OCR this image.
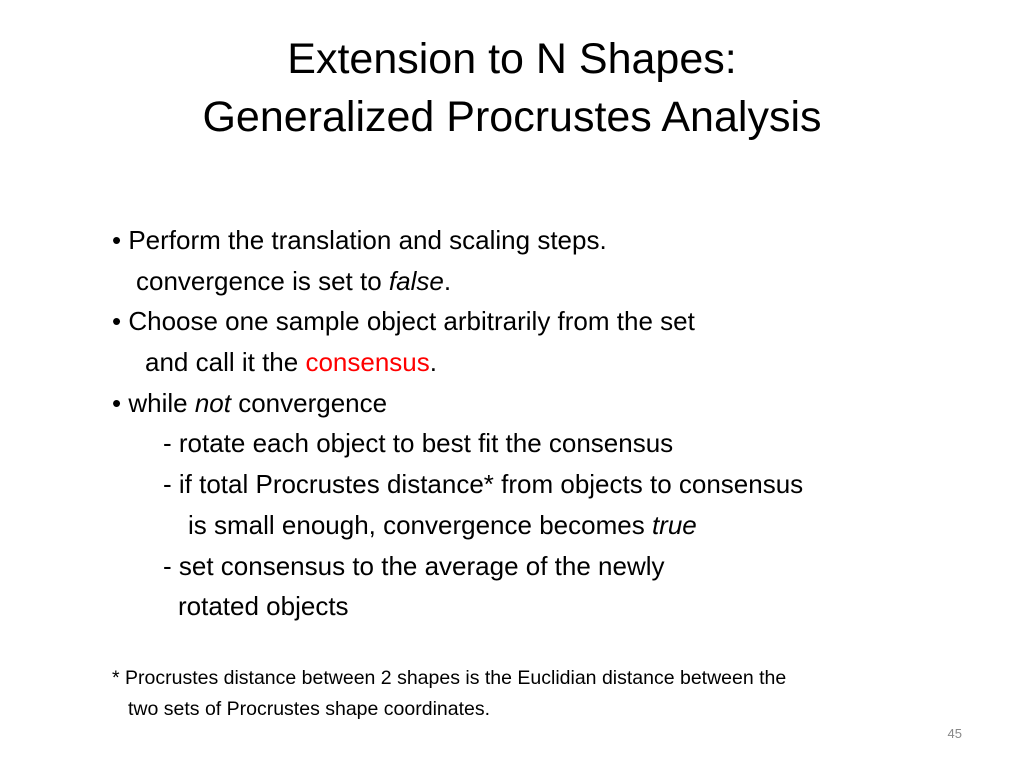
Extension to N Shapes:
Generalized Procrustes Analysis
• Perform the translation and scaling steps.
convergence is set to false.
• Choose one sample object arbitrarily from the set
and call it the consensus.
• while not convergence
- rotate each object to best fit the consensus
- if total Procrustes distance* from objects to consensus
is small enough, convergence becomes true
- set consensus to the average of the newly
rotated objects
* Procrustes distance between 2 shapes is the Euclidian distance between the
two sets of Procrustes shape coordinates.
45
